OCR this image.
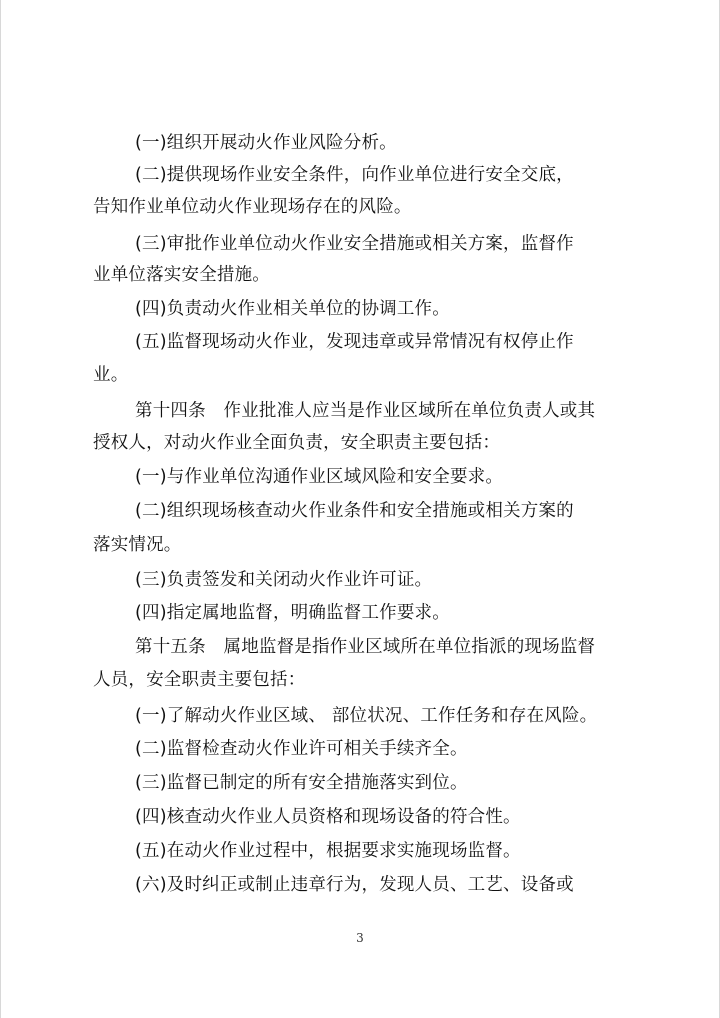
(一)组织开展动火作业风险分析。
(二)提供现场作业安全条件，向作业单位进行安全交底，
告知作业单位动火作业现场存在的风险。
(三)审批作业单位动火作业安全措施或相关方案，监督作
业单位落实安全措施。
(四)负责动火作业相关单位的协调工作。
(五)监督现场动火作业，发现违章或异常情况有权停止作
业。
第十四条　作业批准人应当是作业区域所在单位负责人或其
授权人，对动火作业全面负责，安全职责主要包括：
(一)与作业单位沟通作业区域风险和安全要求。
(二)组织现场核查动火作业条件和安全措施或相关方案的
落实情况。
(三)负责签发和关闭动火作业许可证。
(四)指定属地监督，明确监督工作要求。
第十五条　属地监督是指作业区域所在单位指派的现场监督
人员，安全职责主要包括：
(一)了解动火作业区域、 部位状况、工作任务和存在风险。
(二)监督检查动火作业许可相关手续齐全。
(三)监督已制定的所有安全措施落实到位。
(四)核查动火作业人员资格和现场设备的符合性。
(五)在动火作业过程中，根据要求实施现场监督。
(六)及时纠正或制止违章行为，发现人员、工艺、设备或
3
